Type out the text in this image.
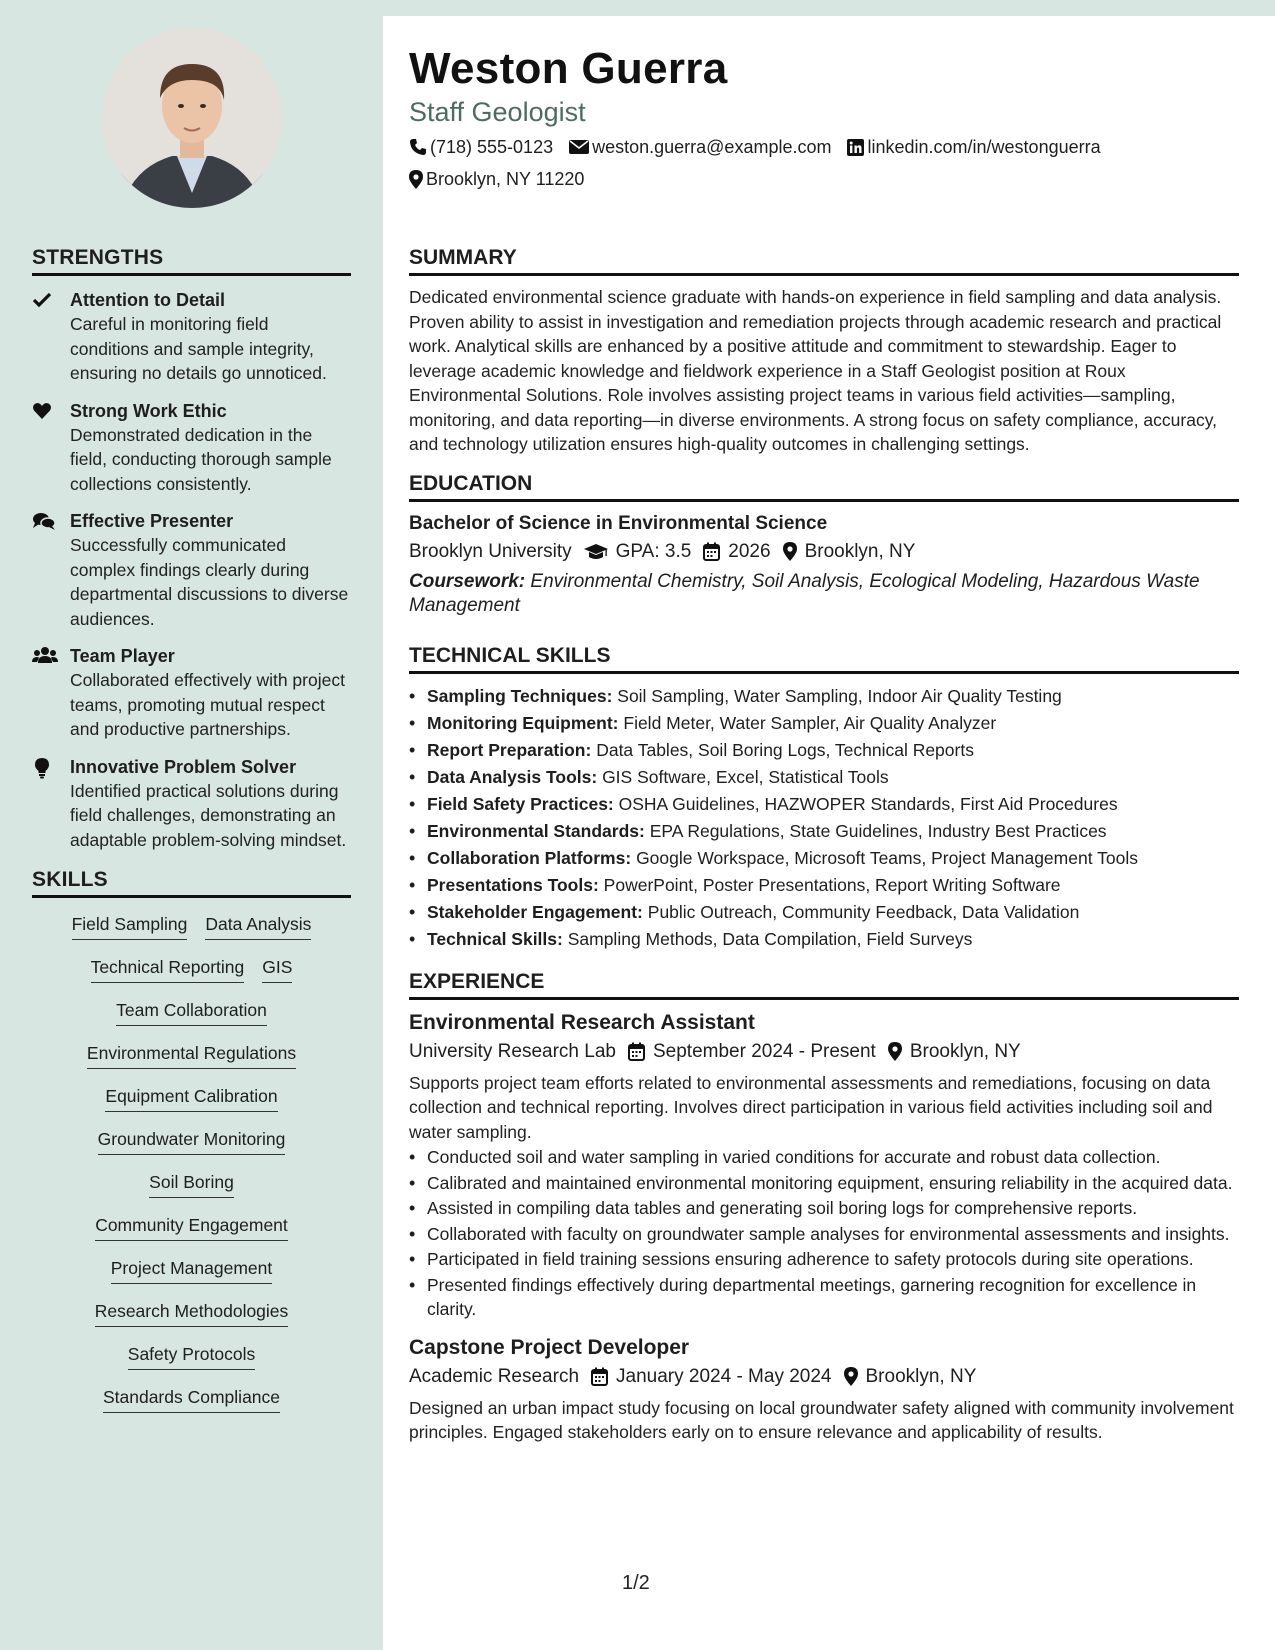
STRENGTHS
Attention to Detail
Careful in monitoring field conditions and sample integrity, ensuring no details go unnoticed.
Strong Work Ethic
Demonstrated dedication in the field, conducting thorough sample collections consistently.
Effective Presenter
Successfully communicated complex findings clearly during departmental discussions to diverse audiences.
Team Player
Collaborated effectively with project teams, promoting mutual respect and productive partnerships.
Innovative Problem Solver
Identified practical solutions during field challenges, demonstrating an adaptable problem-solving mindset.
SKILLS
Field Sampling Data Analysis
Technical Reporting GIS
Team Collaboration
Environmental Regulations
Equipment Calibration
Groundwater Monitoring
Soil Boring
Community Engagement
Project Management
Research Methodologies
Safety Protocols
Standards Compliance
Weston Guerra
Staff Geologist
(718) 555-0123 weston.guerra@example.com linkedin.com/in/westonguerra
Brooklyn, NY 11220
SUMMARY

Dedicated environmental science graduate with hands-on experience in field sampling and data analysis. Proven ability to assist in investigation and remediation projects through academic research and practical work. Analytical skills are enhanced by a positive attitude and commitment to stewardship. Eager to leverage academic knowledge and fieldwork experience in a Staff Geologist position at Roux Environmental Solutions. Role involves assisting project teams in various field activities—sampling, monitoring, and data reporting—in diverse environments. A strong focus on safety compliance, accuracy, and technology utilization ensures high-quality outcomes in challenging settings.

EDUCATION
Bachelor of Science in Environmental Science
Brooklyn University GPA: 3.5 2026 Brooklyn, NY
Coursework: Environmental Chemistry, Soil Analysis, Ecological Modeling, Hazardous Waste Management
TECHNICAL SKILLS
• Sampling Techniques: Soil Sampling, Water Sampling, Indoor Air Quality Testing
• Monitoring Equipment: Field Meter, Water Sampler, Air Quality Analyzer
• Report Preparation: Data Tables, Soil Boring Logs, Technical Reports
• Data Analysis Tools: GIS Software, Excel, Statistical Tools
• Field Safety Practices: OSHA Guidelines, HAZWOPER Standards, First Aid Procedures
• Environmental Standards: EPA Regulations, State Guidelines, Industry Best Practices
• Collaboration Platforms: Google Workspace, Microsoft Teams, Project Management Tools
• Presentations Tools: PowerPoint, Poster Presentations, Report Writing Software
• Stakeholder Engagement: Public Outreach, Community Feedback, Data Validation
• Technical Skills: Sampling Methods, Data Compilation, Field Surveys
EXPERIENCE
Environmental Research Assistant
University Research Lab September 2024 - Present Brooklyn, NY

Supports project team efforts related to environmental assessments and remediations, focusing on data collection and technical reporting. Involves direct participation in various field activities including soil and water sampling.

• Conducted soil and water sampling in varied conditions for accurate and robust data collection.
• Calibrated and maintained environmental monitoring equipment, ensuring reliability in the acquired data.
• Assisted in compiling data tables and generating soil boring logs for comprehensive reports.
• Collaborated with faculty on groundwater sample analyses for environmental assessments and insights.
• Participated in field training sessions ensuring adherence to safety protocols during site operations.
• Presented findings effectively during departmental meetings, garnering recognition for excellence in clarity.
Capstone Project Developer
Academic Research January 2024 - May 2024 Brooklyn, NY

Designed an urban impact study focusing on local groundwater safety aligned with community involvement principles. Engaged stakeholders early on to ensure relevance and applicability of results.

1/2
